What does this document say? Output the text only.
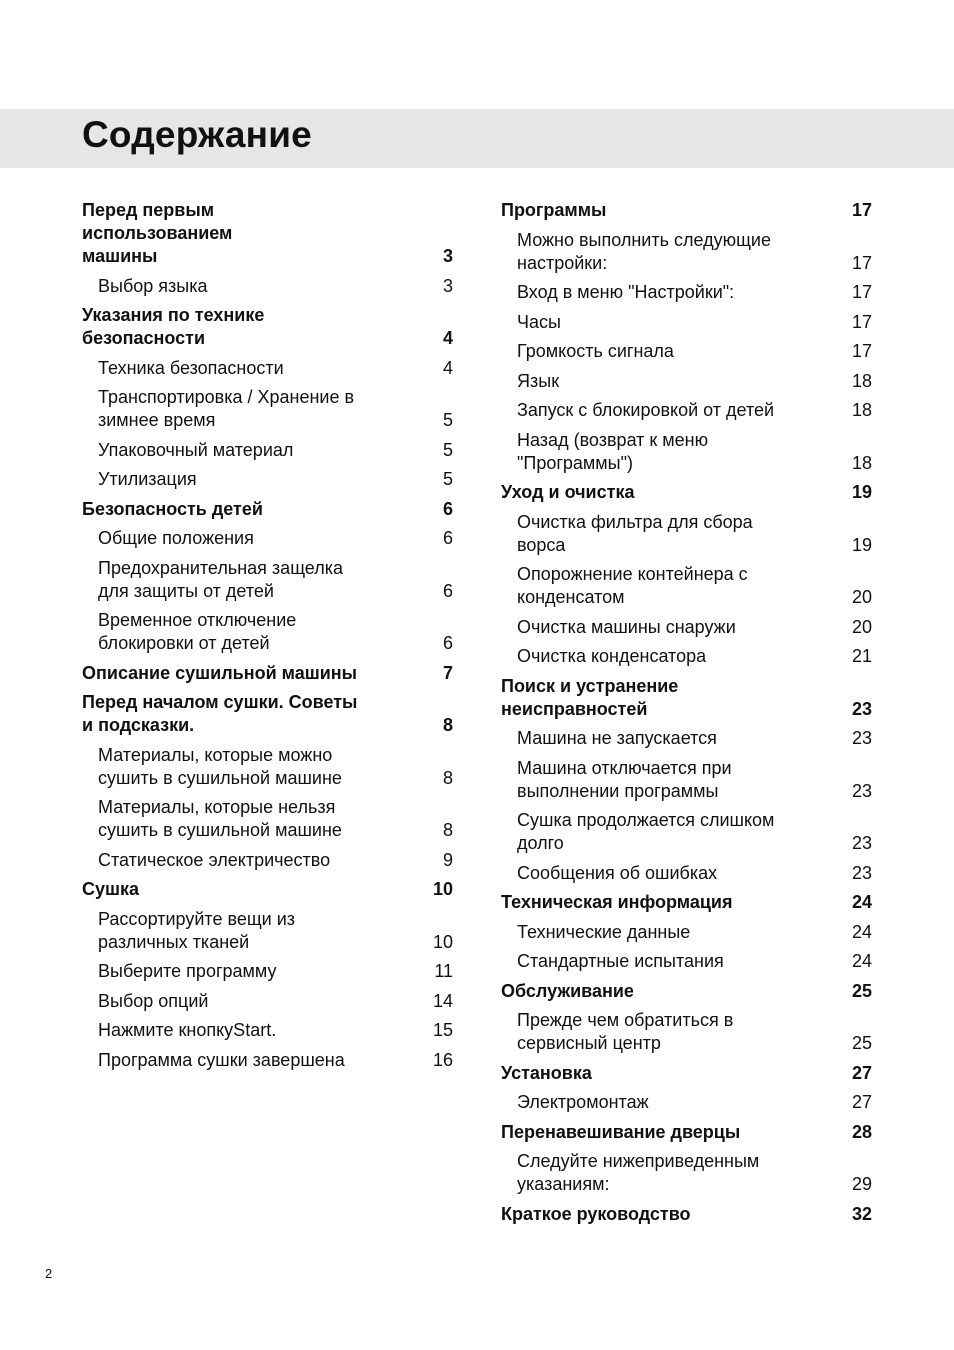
Содержание
Перед первым использованием
машины	3
Выбор языка	3
Указания по технике
безопасности	4
Техника безопасности	4
Транспортировка / Хранение в
зимнее время	5
Упаковочный материал	5
Утилизация	5
Безопасность детей	6
Общие положения	6
Предохранительная защелка
для защиты от детей	6
Временное отключение
блокировки от детей	6
Описание сушильной машины	7
Перед началом сушки. Советы
и подсказки.	8
Материалы, которые можно
сушить в сушильной машине	8
Материалы, которые нельзя
сушить в сушильной машине	8
Статическое электричество	9
Сушка	10
Рассортируйте вещи из
различных тканей	10
Выберите программу	11
Выбор опций	14
Нажмите кнопкуStart.	15
Программа сушки завершена	16
Программы	17
Можно выполнить следующие
настройки:	17
Вход в меню "Настройки":	17
Часы	17
Громкость сигнала	17
Язык	18
Запуск с блокировкой от детей	18
Назад (возврат к меню
"Программы")	18
Уход и очистка	19
Очистка фильтра для сбора
ворса	19
Опорожнение контейнера с
конденсатом	20
Очистка машины снаружи	20
Очистка конденсатора	21
Поиск и устранение
неисправностей	23
Машина не запускается	23
Машина отключается при
выполнении программы	23
Сушка продолжается слишком
долго	23
Сообщения об ошибках	23
Техническая информация	24
Технические данные	24
Стандартные испытания	24
Обслуживание	25
Прежде чем обратиться в
сервисный центр	25
Установка	27
Электромонтаж	27
Перенавешивание дверцы	28
Следуйте нижеприведенным
указаниям:	29
Краткое руководство	32
2
